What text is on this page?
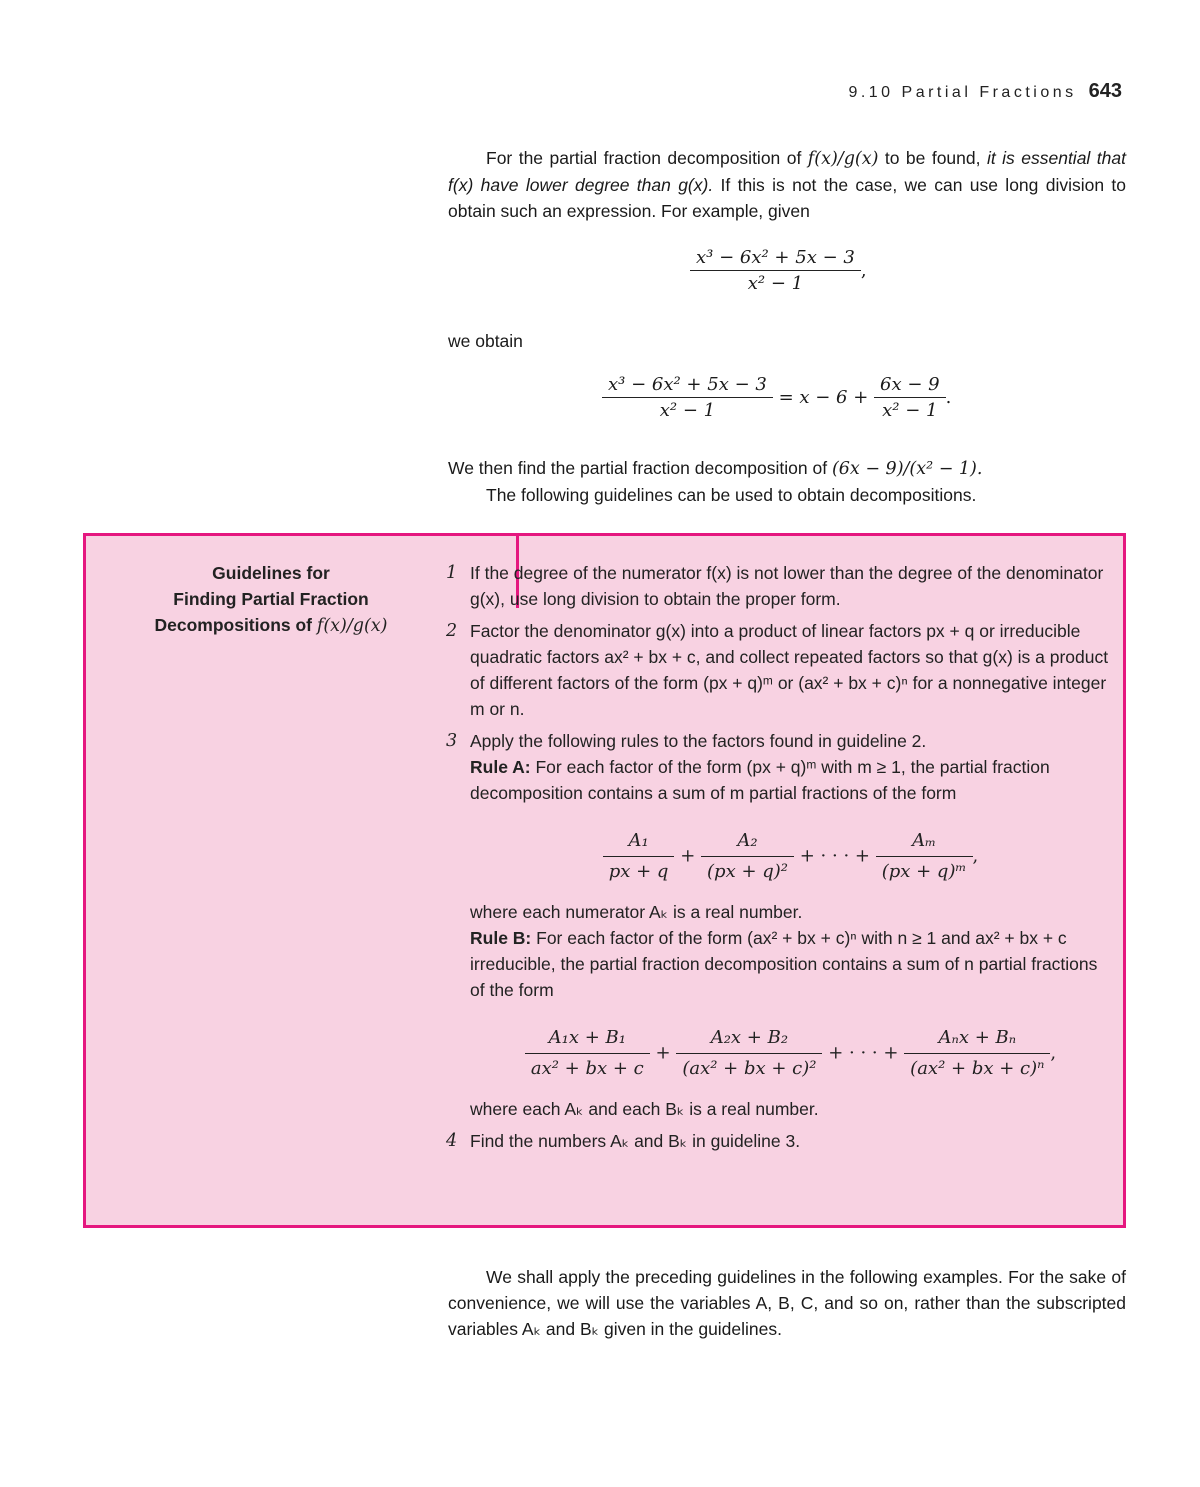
9.10 Partial Fractions 643

For the partial fraction decomposition of f(x)/g(x) to be found, it is essential that f(x) have lower degree than g(x). If this is not the case, we can use long division to obtain such an expression. For example, given

$\frac{\text{x³ − 6x² + 5x − 3}}{\text{x² − 1}}$ ,

we obtain

$\frac{\text{x³ − 6x² + 5x − 3}}{\text{x² − 1}} = x - 6 + \frac{6x - 9}{\text{x² − 1}}$ .

We then find the partial fraction decomposition of (6x − 9)/(x² − 1).

The following guidelines can be used to obtain decompositions.

Guidelines for
Finding Partial Fraction
Decompositions of f(x)/g(x)
1 If the degree of the numerator f(x) is not lower than the degree of the denominator g(x), use long division to obtain the proper form.

2 Factor the denominator g(x) into a product of linear factors px + q or irreducible quadratic factors ax² + bx + c, and collect repeated factors so that g(x) is a product of different factors of the form (px + q)ᵐ or (ax² + bx + c)ⁿ for a nonnegative integer m or n.

3 Apply the following rules to the factors found in guideline 2.

Rule A: For each factor of the form (px + q)ᵐ with m ≥ 1, the partial fraction decomposition contains a sum of m partial fractions of the form

$\frac{\text{A₁}}{px + q} + \frac{\text{A₂}}{\text{(px + q)²}}$ + · · · + $\frac{\text{Aₘ}}{\text{(px + q)ᵐ}}$ ,

where each numerator Aₖ is a real number.

Rule B: For each factor of the form (ax² + bx + c)ⁿ with n ≥ 1 and ax² + bx + c irreducible, the partial fraction decomposition contains a sum of n partial fractions of the form

$\frac{\text{A₁x + B₁}}{\text{ax² + bx + c}} + \frac{\text{A₂x + B₂}}{\text{(ax² + bx + c)²}}$ + · · · + $\frac{\text{Aₙx + Bₙ}}{\text{(ax² + bx + c)ⁿ}}$ ,

where each Aₖ and each Bₖ is a real number.

4 Find the numbers Aₖ and Bₖ in guideline 3.

We shall apply the preceding guidelines in the following examples. For the sake of convenience, we will use the variables A, B, C, and so on, rather than the subscripted variables Aₖ and Bₖ given in the guidelines.
